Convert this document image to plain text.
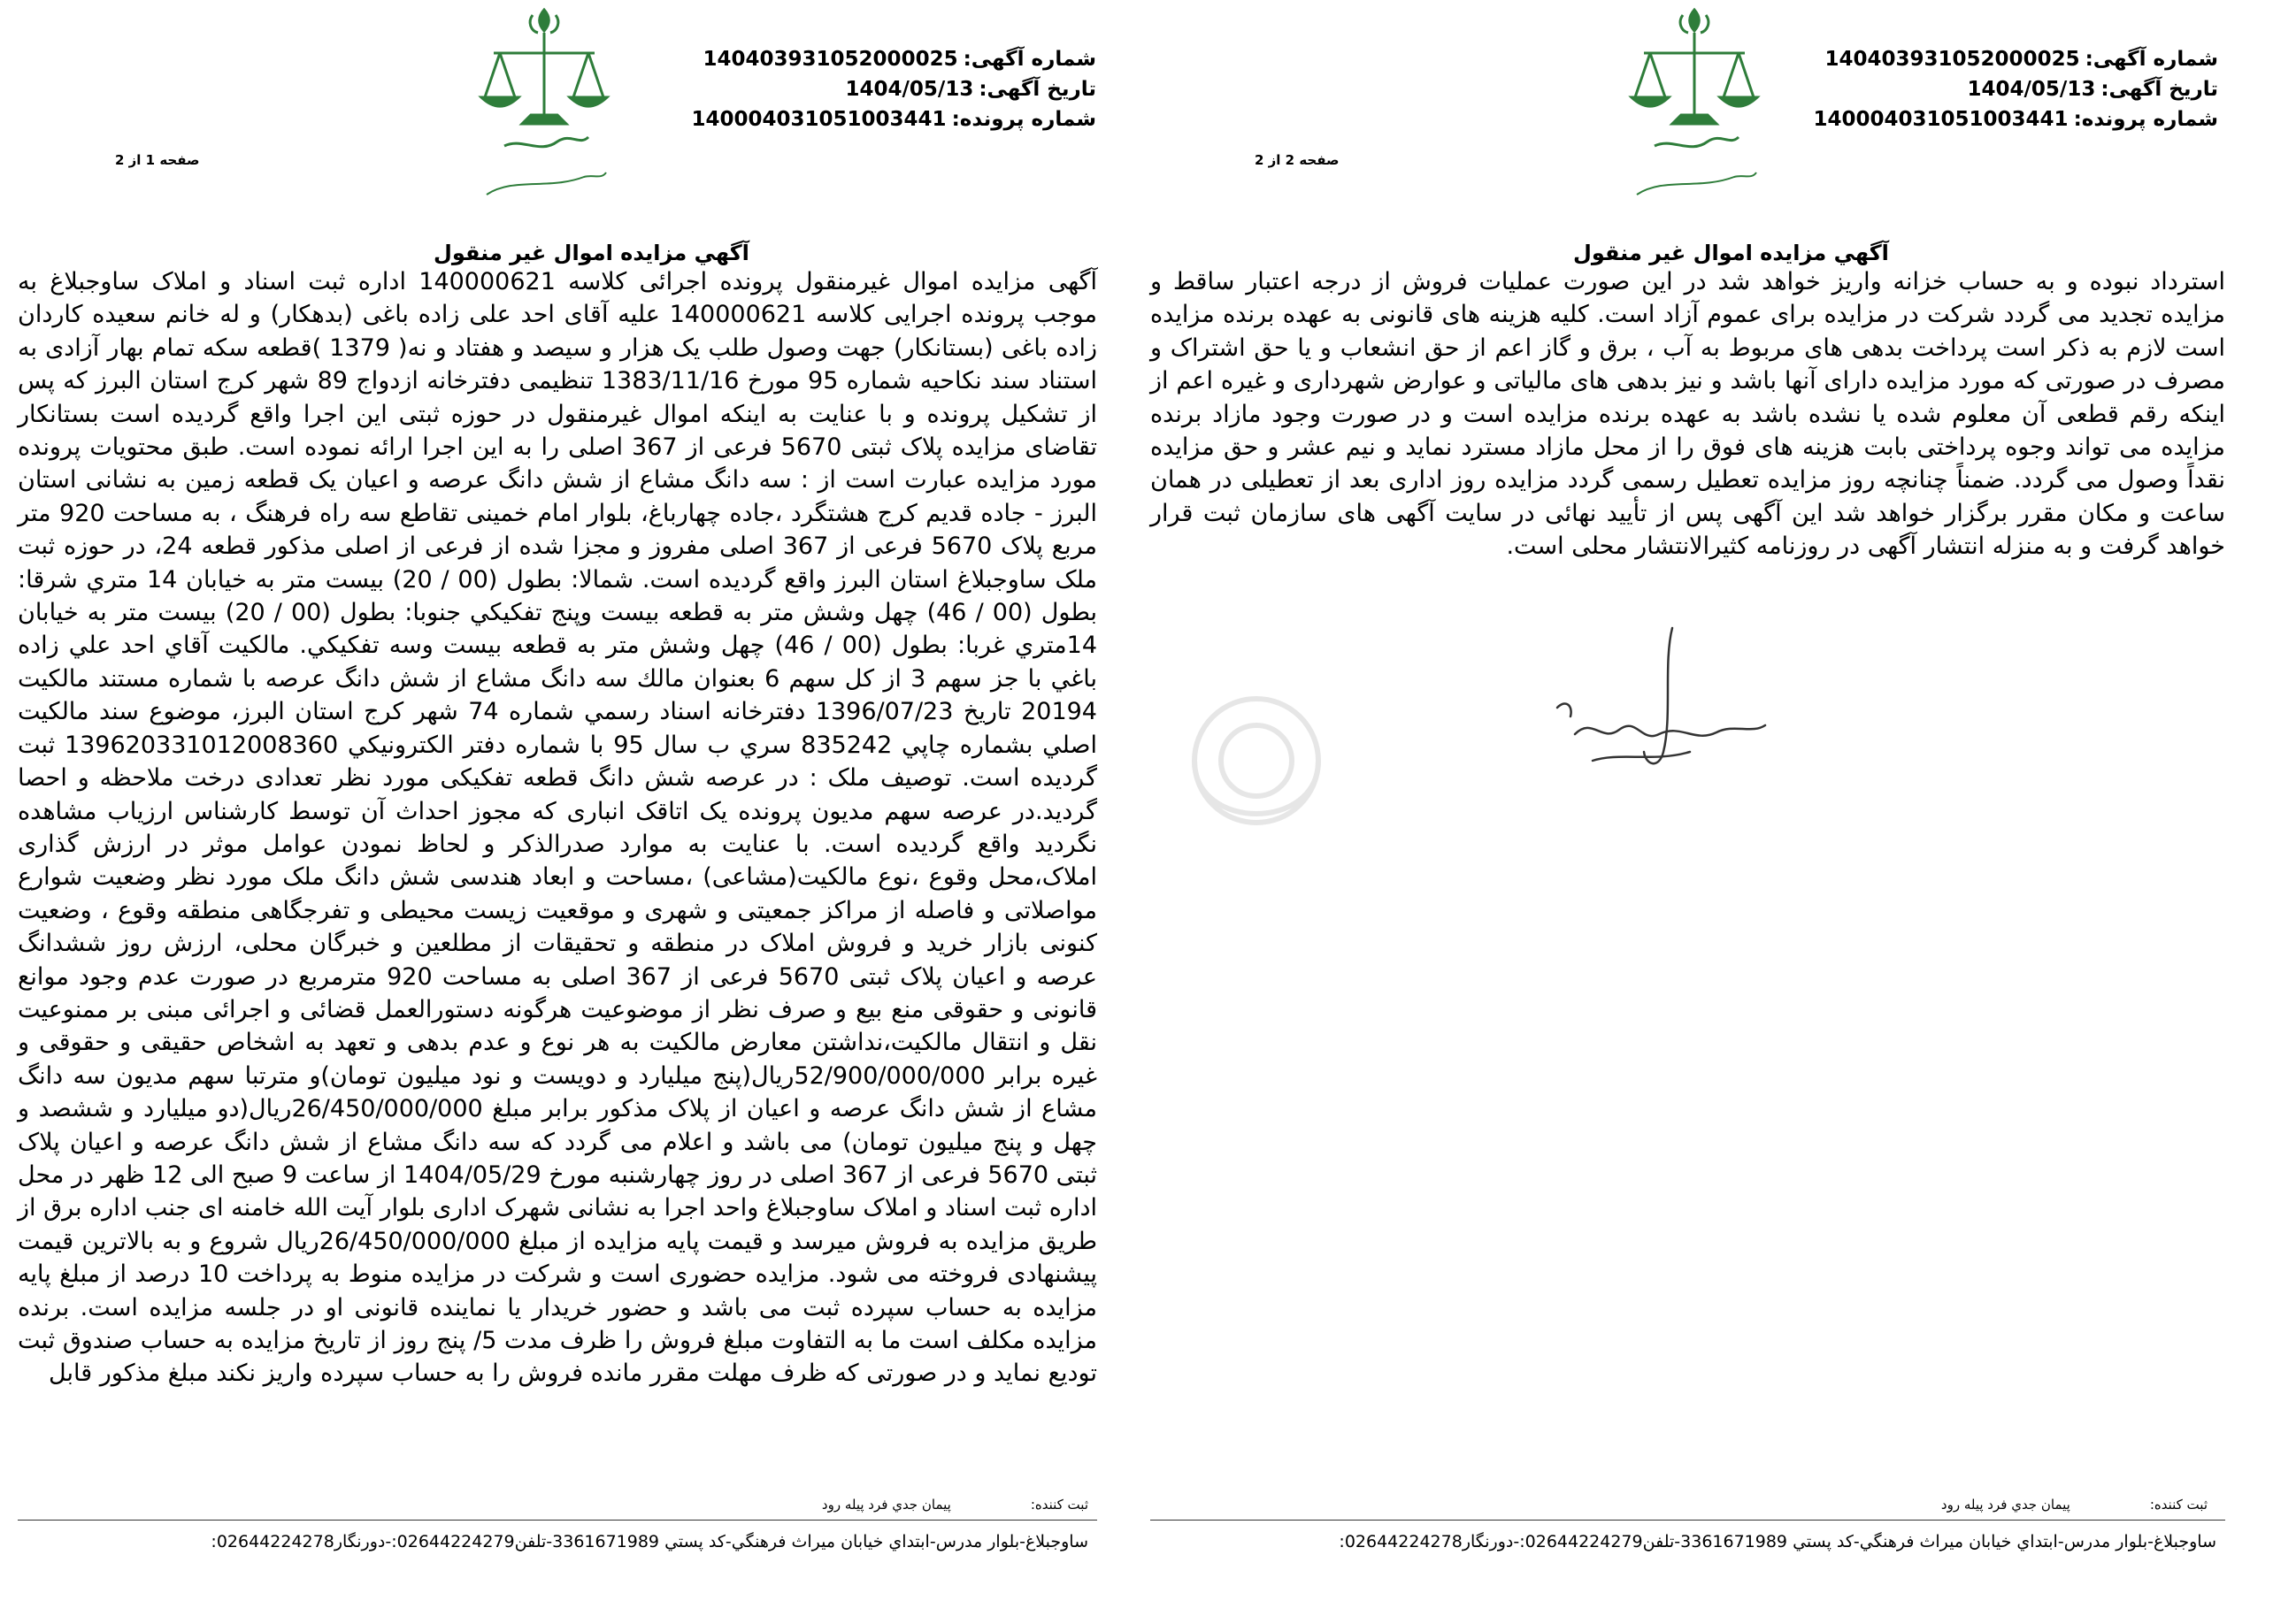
شماره آگهی:
140403931052000025
تاریخ آگهی:
1404/05/13
شماره پرونده:
140004031051003441
صفحه 1 از 2
آگهي مزايده اموال غير منقول
آگهی مزایده اموال غیرمنقول پرونده اجرائی کلاسه 140000621 اداره ثبت اسناد و املاک ساوجبلاغ به موجب پرونده اجرایی کلاسه 140000621 علیه آقای احد علی زاده باغی (بدهکار) و له خانم سعیده کاردان زاده باغی (بستانکار) جهت وصول طلب یک هزار و سیصد و هفتاد و نه( 1379 )قطعه سکه تمام بهار آزادی به استناد سند نکاحیه شماره 95 مورخ 1383/11/16 تنظیمی دفترخانه ازدواج 89 شهر کرج استان البرز که پس از تشکیل پرونده و با عنایت به اینکه اموال غیرمنقول در حوزه ثبتی این اجرا واقع گردیده است بستانکار تقاضای مزایده پلاک ثبتی 5670 فرعی از 367 اصلی را به این اجرا ارائه نموده است. طبق محتویات پرونده مورد مزایده عبارت است از : سه دانگ مشاع از شش دانگ عرصه و اعیان یک قطعه زمین به نشانی استان البرز - جاده قدیم کرج هشتگرد ،جاده چهارباغ، بلوار امام خمینی تقاطع سه راه فرهنگ ، به مساحت 920 متر مربع پلاک 5670 فرعی از 367 اصلی مفروز و مجزا شده از فرعی از اصلی مذکور قطعه 24، در حوزه ثبت ملک ساوجبلاغ استان البرز واقع گردیده است. شمالا: بطول (00 / 20) بيست متر به خيابان 14 متري شرقا: بطول (00 / 46) چهل وشش متر به قطعه بيست وپنج تفكيكي جنوبا: بطول (00 / 20) بيست متر به خيابان 14متري غربا: بطول (00 / 46) چهل وشش متر به قطعه بيست وسه تفكيكي. مالكيت آقاي احد علي زاده باغي با جز سهم 3 از كل سهم 6 بعنوان مالك سه دانگ مشاع از شش دانگ عرصه با شماره مستند مالكيت 20194 تاريخ 1396/07/23 دفترخانه اسناد رسمي شماره 74 شهر كرج استان البرز، موضوع سند مالكيت اصلي بشماره چاپي 835242 سري ب سال 95 با شماره دفتر الكترونيكي 139620331012008360 ثبت گرديده است. توصیف ملک : در عرصه شش دانگ قطعه تفکیکی مورد نظر تعدادی درخت ملاحظه و احصا گردید.در عرصه سهم مدیون پرونده یک اتاقک انباری که مجوز احداث آن توسط کارشناس ارزیاب مشاهده نگردید واقع گردیده است. با عنایت به موارد صدرالذکر و لحاظ نمودن عوامل موثر در ارزش گذاری املاک،محل وقوع ،نوع مالکیت(مشاعی) ،مساحت و ابعاد هندسی شش دانگ ملک مورد نظر وضعیت شوارع مواصلاتی و فاصله از مراکز جمعیتی و شهری و موقعیت زیست محیطی و تفرجگاهی منطقه وقوع ، وضعیت کنونی بازار خرید و فروش املاک در منطقه و تحقیقات از مطلعین و خبرگان محلی، ارزش روز ششدانگ عرصه و اعیان پلاک ثبتی 5670 فرعی از 367 اصلی به مساحت 920 مترمربع در صورت عدم وجود موانع قانونی و حقوقی منع بیع و صرف نظر از موضوعیت هرگونه دستورالعمل قضائی و اجرائی مبنی بر ممنوعیت نقل و انتقال مالکیت،نداشتن معارض مالکیت به هر نوع و عدم بدهی و تعهد به اشخاص حقیقی و حقوقی و غیره برابر 52/900/000/000ریال(پنج میلیارد و دویست و نود میلیون تومان)و مترتبا سهم مدیون سه دانگ مشاع از شش دانگ عرصه و اعیان از پلاک مذکور برابر مبلغ 26/450/000/000ریال(دو میلیارد و ششصد و چهل و پنج میلیون تومان) می باشد و اعلام می گردد که سه دانگ مشاع از شش دانگ عرصه و اعیان پلاک ثبتی 5670 فرعی از 367 اصلی در روز چهارشنبه مورخ 1404/05/29 از ساعت 9 صبح الی 12 ظهر در محل اداره ثبت اسناد و املاک ساوجبلاغ واحد اجرا به نشانی شهرک اداری بلوار آیت الله خامنه ای جنب اداره برق از طریق مزایده به فروش میرسد و قیمت پایه مزایده از مبلغ 26/450/000/000ریال شروع و به بالاترین قیمت پیشنهادی فروخته می شود. مزایده حضوری است و شرکت در مزایده منوط به پرداخت 10 درصد از مبلغ پایه مزایده به حساب سپرده ثبت می باشد و حضور خریدار یا نماینده قانونی او در جلسه مزایده است. برنده مزایده مکلف است ما به التفاوت مبلغ فروش را ظرف مدت 5/ پنج روز از تاریخ مزایده به حساب صندوق ثبت تودیع نماید و در صورتی که ظرف مهلت مقرر مانده فروش را به حساب سپرده واریز نکند مبلغ مذکور قابل
ثبت کننده:
پيمان جدي فرد پيله رود
ساوجبلاغ-بلوار مدرس-ابتداي خيابان ميراث فرهنگي-کد پستي 3361671989-تلفن02644224279:-دورنگار02644224278:
شماره آگهی:
140403931052000025
تاریخ آگهی:
1404/05/13
شماره پرونده:
140004031051003441
صفحه 2 از 2
آگهي مزايده اموال غير منقول
استرداد نبوده و به حساب خزانه واریز خواهد شد در این صورت عملیات فروش از درجه اعتبار ساقط و مزایده تجدید می گردد شرکت در مزایده برای عموم آزاد است. کلیه هزینه های قانونی به عهده برنده مزایده است لازم به ذکر است پرداخت بدهی های مربوط به آب ، برق و گاز اعم از حق انشعاب و یا حق اشتراک و مصرف در صورتی که مورد مزایده دارای آنها باشد و نیز بدهی های مالیاتی و عوارض شهرداری و غیره اعم از اینکه رقم قطعی آن معلوم شده یا نشده باشد به عهده برنده مزایده است و در صورت وجود مازاد برنده مزایده می تواند وجوه پرداختی بابت هزینه های فوق را از محل مازاد مسترد نماید و نیم عشر و حق مزایده نقداً وصول می گردد. ضمناً چنانچه روز مزایده تعطیل رسمی گردد مزایده روز اداری بعد از تعطیلی در همان ساعت و مکان مقرر برگزار خواهد شد این آگهی پس از تأیید نهائی در سایت آگهی های سازمان ثبت قرار خواهد گرفت و به منزله انتشار آگهی در روزنامه کثیرالانتشار محلی است.
ثبت کننده:
پيمان جدي فرد پيله رود
ساوجبلاغ-بلوار مدرس-ابتداي خيابان ميراث فرهنگي-کد پستي 3361671989-تلفن02644224279:-دورنگار02644224278:
